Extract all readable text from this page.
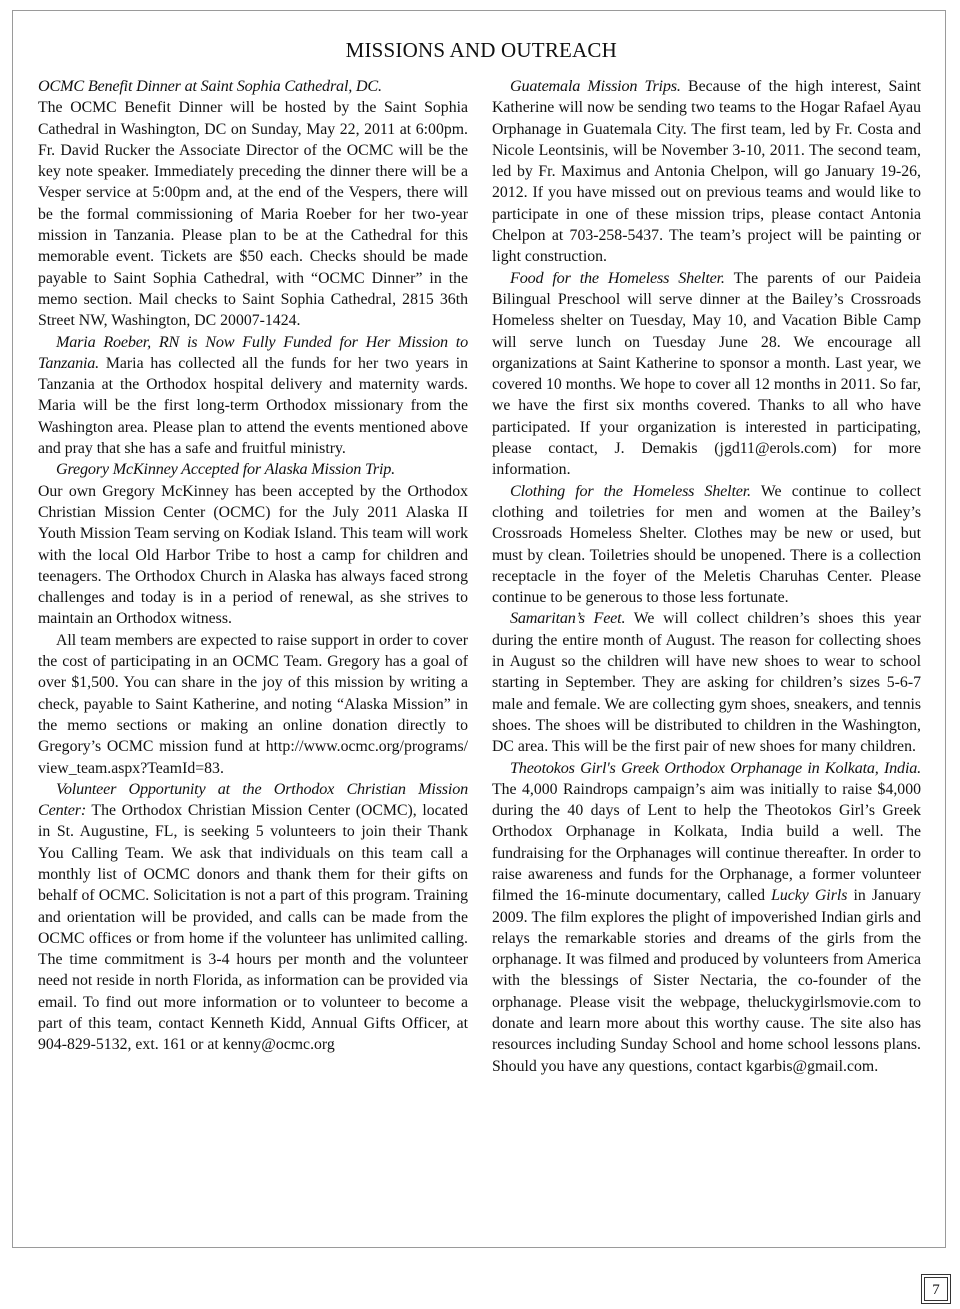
MISSIONS AND OUTREACH

OCMC Benefit Dinner at Saint Sophia Cathedral, DC.
The OCMC Benefit Dinner will be hosted by the Saint Sophia Cathedral in Washington, DC on Sunday, May 22, 2011 at 6:00pm. Fr. David Rucker the Associate Director of the OCMC will be the key note speaker. Immediately preceding the dinner there will be a Vesper service at 5:00pm and, at the end of the Vespers, there will be the formal commissioning of Maria Roeber for her two-year mission in Tanzania. Please plan to be at the Cathedral for this memorable event. Tickets are $50 each. Checks should be made payable to Saint Sophia Cathedral, with “OCMC Dinner” in the memo section. Mail checks to Saint Sophia Cathedral, 2815 36th Street NW, Washington, DC 20007-1424.

Maria Roeber, RN is Now Fully Funded for Her Mission to Tanzania. Maria has collected all the funds for her two years in Tanzania at the Orthodox hospital delivery and maternity wards. Maria will be the first long-term Orthodox missionary from the Washington area. Please plan to attend the events mentioned above and pray that she has a safe and fruitful ministry.

Gregory McKinney Accepted for Alaska Mission Trip.
Our own Gregory McKinney has been accepted by the Orthodox Christian Mission Center (OCMC) for the July 2011 Alaska II Youth Mission Team serving on Kodiak Island. This team will work with the local Old Harbor Tribe to host a camp for children and teenagers. The Orthodox Church in Alaska has always faced strong challenges and today is in a period of renewal, as she strives to maintain an Orthodox witness.

All team members are expected to raise support in order to cover the cost of participating in an OCMC Team. Gregory has a goal of over $1,500. You can share in the joy of this mission by writing a check, payable to Saint Katherine, and noting “Alaska Mission” in the memo sections or making an online donation directly to Gregory’s OCMC mission fund at http://www.ocmc.org/programs/ view_team.aspx?TeamId=83.

Volunteer Opportunity at the Orthodox Christian Mission Center: The Orthodox Christian Mission Center (OCMC), located in St. Augustine, FL, is seeking 5 volunteers to join their Thank You Calling Team. We ask that individuals on this team call a monthly list of OCMC donors and thank them for their gifts on behalf of OCMC. Solicitation is not a part of this program. Training and orientation will be provided, and calls can be made from the OCMC offices or from home if the volunteer has unlimited calling. The time commitment is 3-4 hours per month and the volunteer need not reside in north Florida, as information can be provided via email. To find out more information or to volunteer to become a part of this team, contact Kenneth Kidd, Annual Gifts Officer, at 904-829-5132, ext. 161 or at kenny@ocmc.org

Guatemala Mission Trips. Because of the high interest, Saint Katherine will now be sending two teams to the Hogar Rafael Ayau Orphanage in Guatemala City. The first team, led by Fr. Costa and Nicole Leontsinis, will be November 3-10, 2011. The second team, led by Fr. Maximus and Antonia Chelpon, will go January 19-26, 2012. If you have missed out on previous teams and would like to participate in one of these mission trips, please contact Antonia Chelpon at 703-258-5437. The team’s project will be painting or light construction.

Food for the Homeless Shelter. The parents of our Paideia Bilingual Preschool will serve dinner at the Bailey’s Crossroads Homeless shelter on Tuesday, May 10, and Vacation Bible Camp will serve lunch on Tuesday June 28. We encourage all organizations at Saint Katherine to sponsor a month. Last year, we covered 10 months. We hope to cover all 12 months in 2011. So far, we have the first six months covered. Thanks to all who have participated. If your organization is interested in participating, please contact, J. Demakis (jgd11@erols.com) for more information.

Clothing for the Homeless Shelter. We continue to collect clothing and toiletries for men and women at the Bailey’s Crossroads Homeless Shelter. Clothes may be new or used, but must by clean. Toiletries should be unopened. There is a collection receptacle in the foyer of the Meletis Charuhas Center. Please continue to be generous to those less fortunate.

Samaritan’s Feet. We will collect children’s shoes this year during the entire month of August. The reason for collecting shoes in August so the children will have new shoes to wear to school starting in September. They are asking for children’s sizes 5-6-7 male and female. We are collecting gym shoes, sneakers, and tennis shoes. The shoes will be distributed to children in the Washington, DC area. This will be the first pair of new shoes for many children.

Theotokos Girl's Greek Orthodox Orphanage in Kolkata, India. The 4,000 Raindrops campaign’s aim was initially to raise $4,000 during the 40 days of Lent to help the Theotokos Girl’s Greek Orthodox Orphanage in Kolkata, India build a well. The fundraising for the Orphanages will continue thereafter. In order to raise awareness and funds for the Orphanage, a former volunteer filmed the 16-minute documentary, called Lucky Girls in January 2009. The film explores the plight of impoverished Indian girls and relays the remarkable stories and dreams of the girls from the orphanage. It was filmed and produced by volunteers from America with the blessings of Sister Nectaria, the co-founder of the orphanage. Please visit the webpage, theluckygirlsmovie.com to donate and learn more about this worthy cause. The site also has resources including Sunday School and home school lessons plans. Should you have any questions, contact kgarbis@gmail.com.

7
